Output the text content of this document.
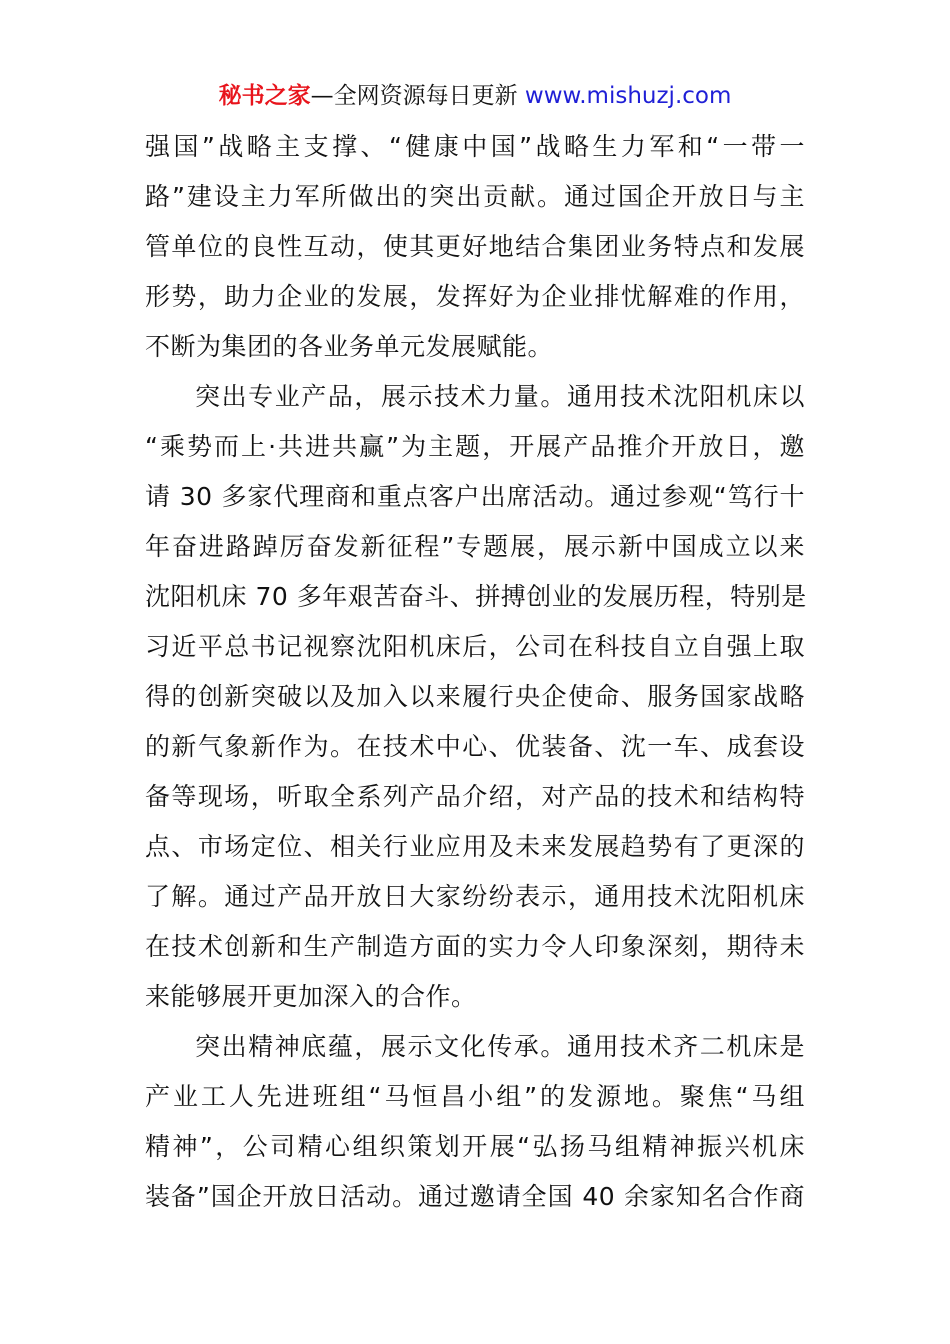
秘书之家—全网资源每日更新 www.mishuzj.com
强国”战略主支撑、“健康中国”战略生力军和“一带一
路”建设主力军所做出的突出贡献。通过国企开放日与主
管单位的良性互动，使其更好地结合集团业务特点和发展
形势，助力企业的发展，发挥好为企业排忧解难的作用，
不断为集团的各业务单元发展赋能。
突出专业产品，展示技术力量。通用技术沈阳机床以
“乘势而上·共进共赢”为主题，开展产品推介开放日，邀
请 30 多家代理商和重点客户出席活动。通过参观“笃行十
年奋进路踔厉奋发新征程”专题展，展示新中国成立以来
沈阳机床 70 多年艰苦奋斗、拼搏创业的发展历程，特别是
习近平总书记视察沈阳机床后，公司在科技自立自强上取
得的创新突破以及加入以来履行央企使命、服务国家战略
的新气象新作为。在技术中心、优装备、沈一车、成套设
备等现场，听取全系列产品介绍，对产品的技术和结构特
点、市场定位、相关行业应用及未来发展趋势有了更深的
了解。通过产品开放日大家纷纷表示，通用技术沈阳机床
在技术创新和生产制造方面的实力令人印象深刻，期待未
来能够展开更加深入的合作。
突出精神底蕴，展示文化传承。通用技术齐二机床是
产业工人先进班组“马恒昌小组”的发源地。聚焦“马组
精神”，公司精心组织策划开展“弘扬马组精神振兴机床
装备”国企开放日活动。通过邀请全国 40 余家知名合作商
